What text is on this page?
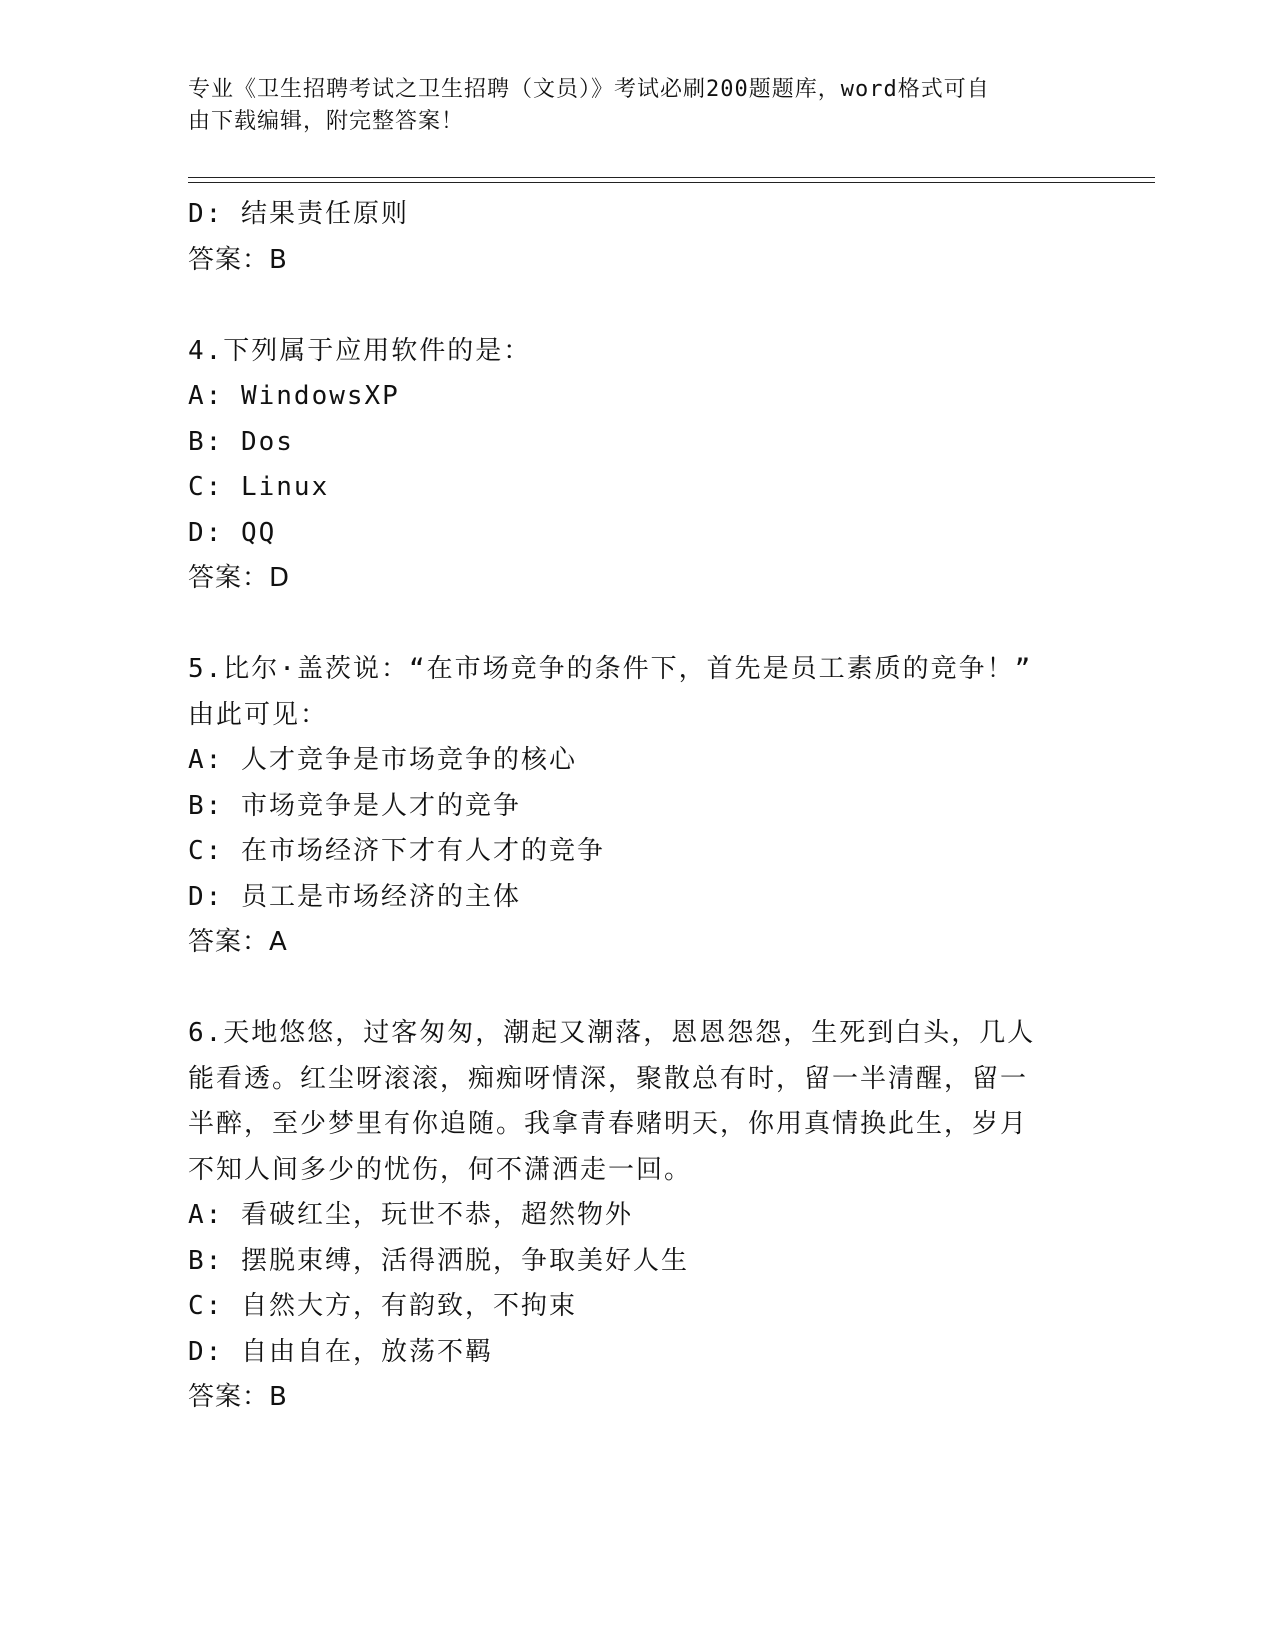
专业《卫生招聘考试之卫生招聘（文员）》考试必刷200题题库，word格式可自
由下载编辑，附完整答案！
D: 结果责任原则
答案：B
4.下列属于应用软件的是：
A: WindowsXP
B: Dos
C: Linux
D: QQ
答案：D
5.比尔·盖茨说：“在市场竞争的条件下，首先是员工素质的竞争！”
由此可见：
A: 人才竞争是市场竞争的核心
B: 市场竞争是人才的竞争
C: 在市场经济下才有人才的竞争
D: 员工是市场经济的主体
答案：A
6.天地悠悠，过客匆匆，潮起又潮落，恩恩怨怨，生死到白头，几人
能看透。红尘呀滚滚，痴痴呀情深，聚散总有时，留一半清醒，留一
半醉，至少梦里有你追随。我拿青春赌明天，你用真情换此生，岁月
不知人间多少的忧伤，何不潇洒走一回。
A: 看破红尘，玩世不恭，超然物外
B: 摆脱束缚，活得洒脱，争取美好人生
C: 自然大方，有韵致，不拘束
D: 自由自在，放荡不羁
答案：B
